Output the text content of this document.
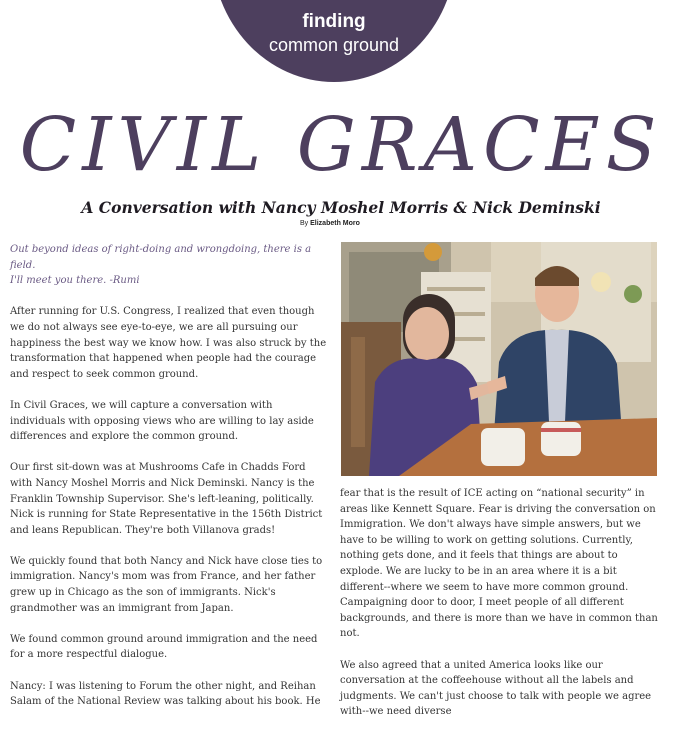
finding
common ground
CIVIL GRACES
A Conversation with Nancy Moshel Morris & Nick Deminski
By Elizabeth Moro

Out beyond ideas of right-doing and wrongdoing, there is a field.
I'll meet you there. -Rumi

After running for U.S. Congress, I realized that even though we do not always see eye-to-eye, we are all pursuing our happiness the best way we know how. I was also struck by the transformation that happened when people had the courage and respect to seek common ground.

In Civil Graces, we will capture a conversation with individuals with opposing views who are willing to lay aside differences and explore the common ground.

Our first sit-down was at Mushrooms Cafe in Chadds Ford with Nancy Moshel Morris and Nick Deminski. Nancy is the Franklin Township Supervisor. She's left-leaning, politically. Nick is running for State Representative in the 156th District and leans Republican. They're both Villanova grads!

We quickly found that both Nancy and Nick have close ties to immigration. Nancy's mom was from France, and her father grew up in Chicago as the son of immigrants. Nick's grandmother was an immigrant from Japan.

We found common ground around immigration and the need for a more respectful dialogue.

Nancy: I was listening to Forum the other night, and Reihan Salam of the National Review was talking about his book. He

fear that is the result of ICE acting on “national security” in areas like Kennett Square. Fear is driving the conversation on Immigration. We don't always have simple answers, but we have to be willing to work on getting solutions. Currently, nothing gets done, and it feels that things are about to explode. We are lucky to be in an area where it is a bit different--where we seem to have more common ground. Campaigning door to door, I meet people of all different backgrounds, and there is more than we have in common than not.

We also agreed that a united America looks like our conversation at the coffeehouse without all the labels and judgments. We can't just choose to talk with people we agree with--we need diverse
